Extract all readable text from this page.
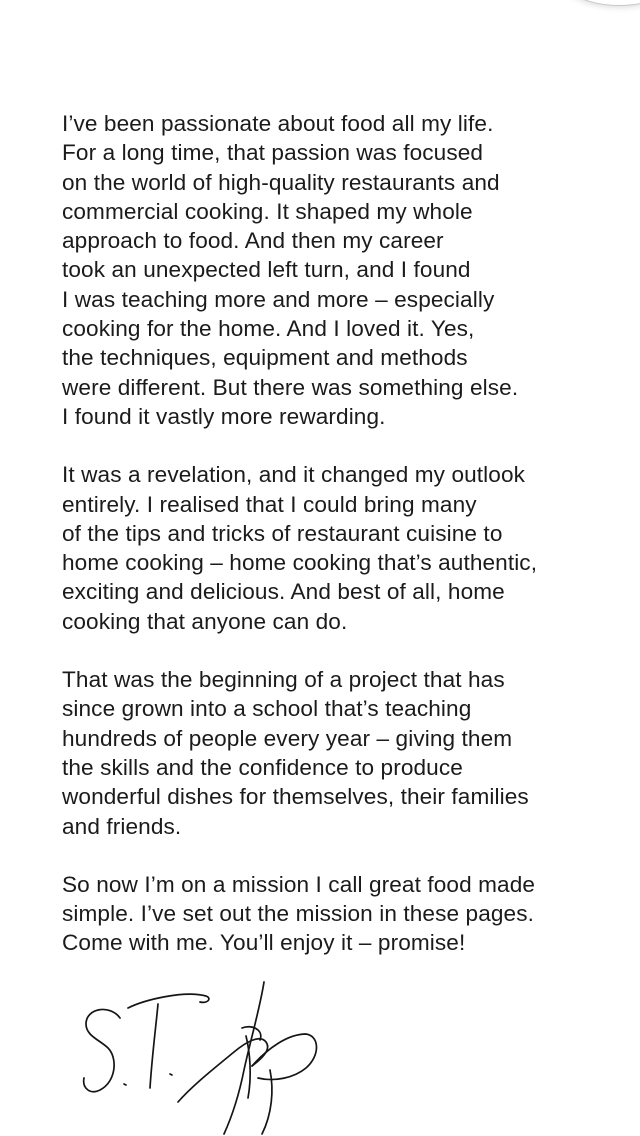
I’ve been passionate about food all my life.
For a long time, that passion was focused
on the world of high-quality restaurants and
commercial cooking. It shaped my whole
approach to food. And then my career
took an unexpected left turn, and I found
I was teaching more and more – especially
cooking for the home. And I loved it. Yes,
the techniques, equipment and methods
were different. But there was something else.
I found it vastly more rewarding.

It was a revelation, and it changed my outlook
entirely. I realised that I could bring many
of the tips and tricks of restaurant cuisine to
home cooking – home cooking that’s authentic,
exciting and delicious. And best of all, home
cooking that anyone can do.

That was the beginning of a project that has
since grown into a school that’s teaching
hundreds of people every year – giving them
the skills and the confidence to produce
wonderful dishes for themselves, their families
and friends.

So now I’m on a mission I call great food made
simple. I’ve set out the mission in these pages.
Come with me. You’ll enjoy it – promise!
